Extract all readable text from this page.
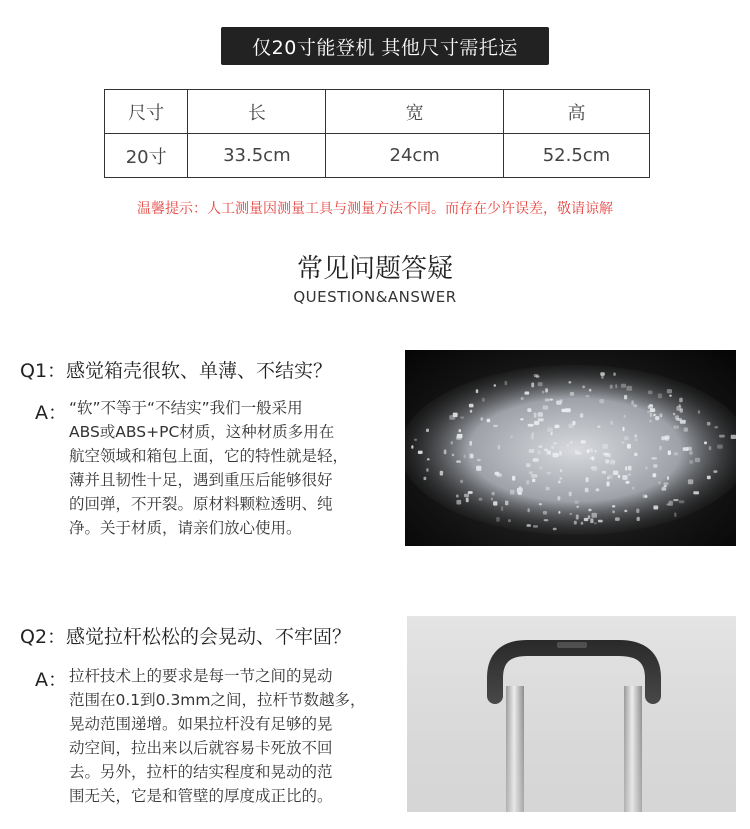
仅20寸能登机 其他尺寸需托运
尺寸	长	宽	高
20寸	33.5cm	24cm	52.5cm
温馨提示：人工测量因测量工具与测量方法不同。而存在少许误差，敬请谅解
常见问题答疑
QUESTION&ANSWER
Q1：感觉箱壳很软、单薄、不结实？
A： “软”不等于“不结实”我们一般采用
ABS或ABS+PC材质，这种材质多用在
航空领域和箱包上面，它的特性就是轻，
薄并且韧性十足，遇到重压后能够很好
的回弹，不开裂。原材料颗粒透明、纯
净。关于材质，请亲们放心使用。
Q2：感觉拉杆松松的会晃动、不牢固？
A： 拉杆技术上的要求是每一节之间的晃动
范围在0.1到0.3mm之间，拉杆节数越多，
晃动范围递增。如果拉杆没有足够的晃
动空间，拉出来以后就容易卡死放不回
去。另外，拉杆的结实程度和晃动的范
围无关，它是和管壁的厚度成正比的。
